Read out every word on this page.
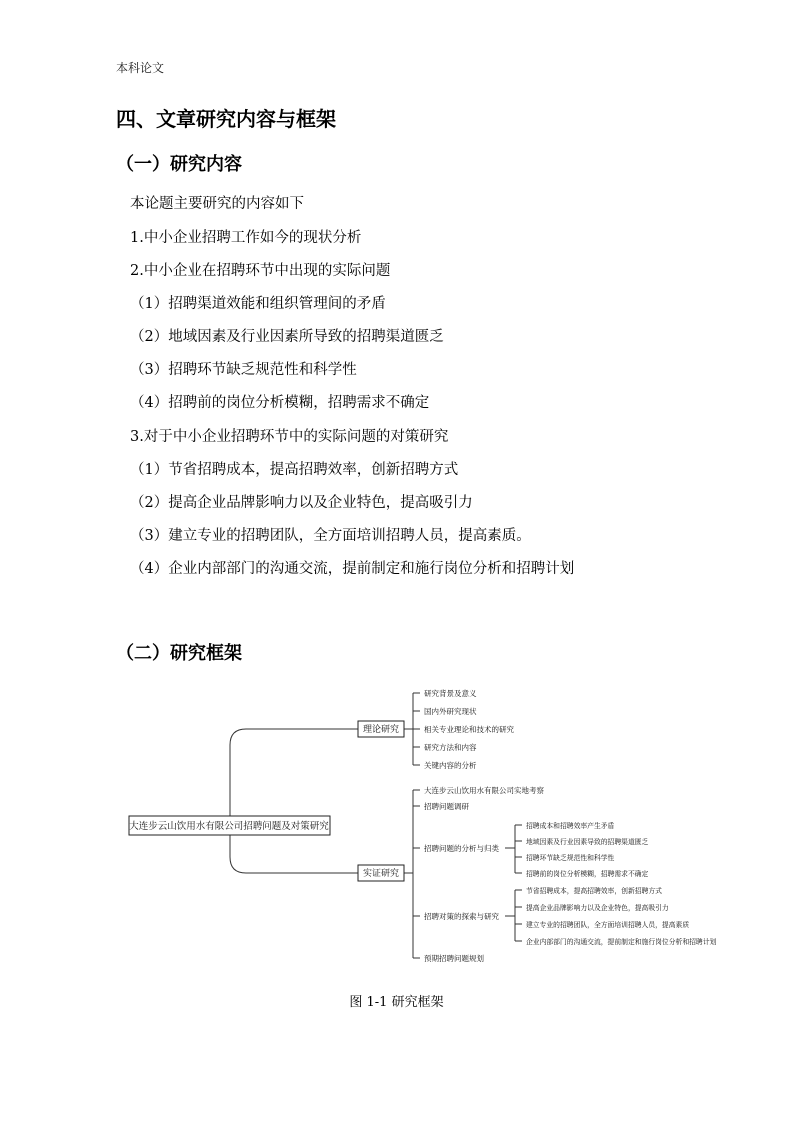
本科论文
四、文章研究内容与框架
（一）研究内容
本论题主要研究的内容如下
1.中小企业招聘工作如今的现状分析
2.中小企业在招聘环节中出现的实际问题
（1）招聘渠道效能和组织管理间的矛盾
（2）地域因素及行业因素所导致的招聘渠道匮乏
（3）招聘环节缺乏规范性和科学性
（4）招聘前的岗位分析模糊，招聘需求不确定
3.对于中小企业招聘环节中的实际问题的对策研究
（1）节省招聘成本，提高招聘效率，创新招聘方式
（2）提高企业品牌影响力以及企业特色，提高吸引力
（3）建立专业的招聘团队，全方面培训招聘人员，提高素质。
（4）企业内部部门的沟通交流，提前制定和施行岗位分析和招聘计划
（二）研究框架
大连步云山饮用水有限公司招聘问题及对策研究
理论研究
实证研究
研究背景及意义
国内外研究现状
相关专业理论和技术的研究
研究方法和内容
关键内容的分析
大连步云山饮用水有限公司实地考察
招聘问题调研
招聘问题的分析与归类
招聘对策的探索与研究
预期招聘问题规划
招聘成本和招聘效率产生矛盾
地域因素及行业因素导致的招聘渠道匮乏
招聘环节缺乏规范性和科学性
招聘前的岗位分析模糊，招聘需求不确定
节省招聘成本，提高招聘效率，创新招聘方式
提高企业品牌影响力以及企业特色，提高吸引力
建立专业的招聘团队，全方面培训招聘人员，提高素质
企业内部部门的沟通交流，提前制定和施行岗位分析和招聘计划
图 1-1 研究框架
